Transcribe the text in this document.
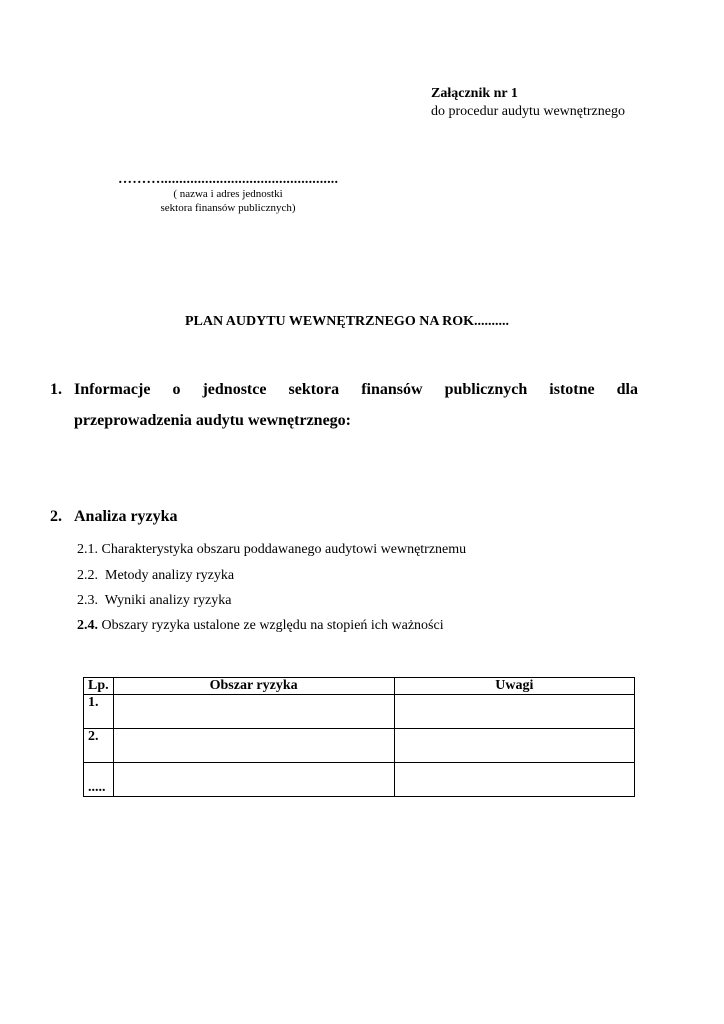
Załącznik nr 1
do procedur audytu wewnętrznego
………................................................
( nazwa i adres jednostki
sektora finansów publicznych)
PLAN AUDYTU WEWNĘTRZNEGO NA ROK..........
1. Informacje o jednostce sektora finansów publicznych istotne dla
przeprowadzenia audytu wewnętrznego:
2. Analiza ryzyka
2.1. Charakterystyka obszaru poddawanego audytowi wewnętrznemu
2.2. Metody analizy ryzyka
2.3. Wyniki analizy ryzyka
2.4. Obszary ryzyka ustalone ze względu na stopień ich ważności
Lp.	Obszar ryzyka	Uwagi
1.		
2.		
.....		
